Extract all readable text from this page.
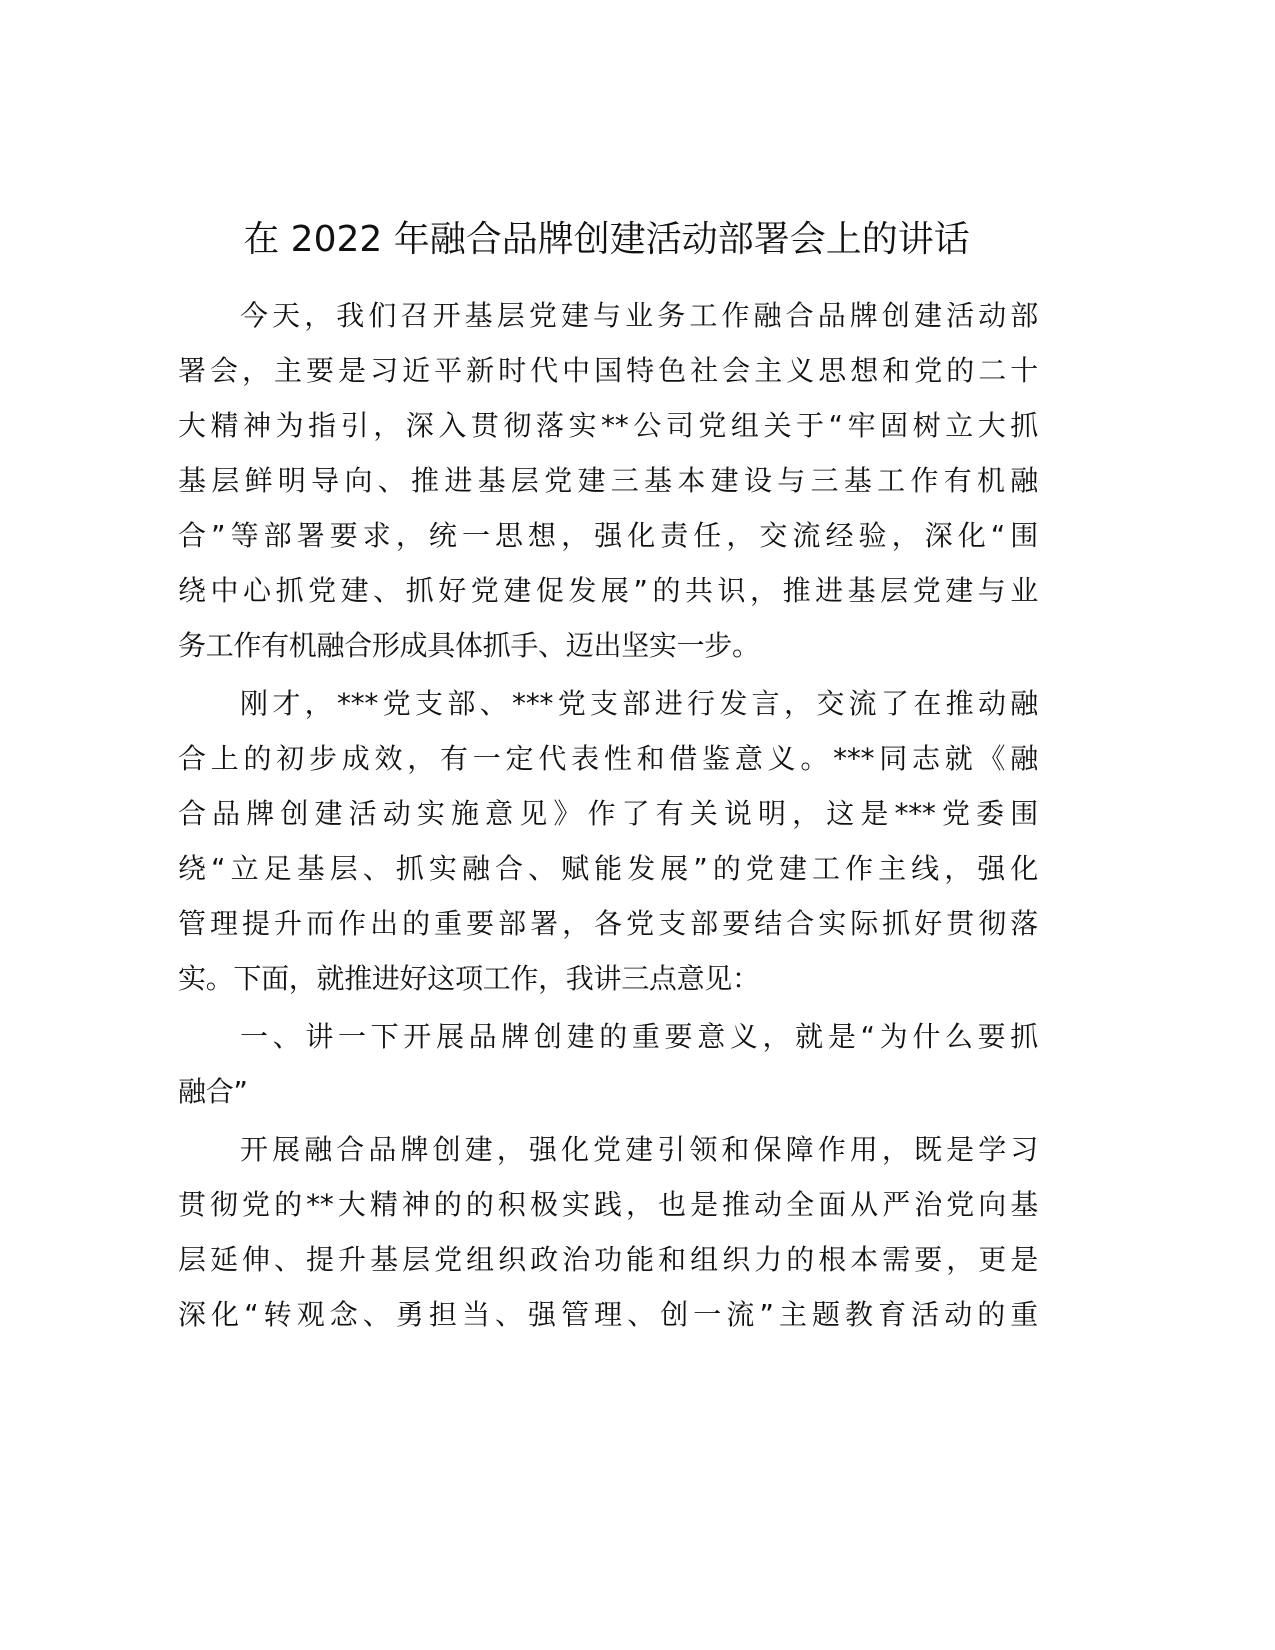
在 2022 年融合品牌创建活动部署会上的讲话
今天，我们召开基层党建与业务工作融合品牌创建活动部
署会，主要是习近平新时代中国特色社会主义思想和党的二十
大精神为指引，深入贯彻落实**公司党组关于“牢固树立大抓
基层鲜明导向、推进基层党建三基本建设与三基工作有机融
合”等部署要求，统一思想，强化责任，交流经验，深化“围
绕中心抓党建、抓好党建促发展”的共识，推进基层党建与业
务工作有机融合形成具体抓手、迈出坚实一步。
刚才，***党支部、***党支部进行发言，交流了在推动融
合上的初步成效，有一定代表性和借鉴意义。***同志就《融
合品牌创建活动实施意见》作了有关说明，这是***党委围
绕“立足基层、抓实融合、赋能发展”的党建工作主线，强化
管理提升而作出的重要部署，各党支部要结合实际抓好贯彻落
实。下面，就推进好这项工作，我讲三点意见：
一、讲一下开展品牌创建的重要意义，就是“为什么要抓
融合”
开展融合品牌创建，强化党建引领和保障作用，既是学习
贯彻党的**大精神的的积极实践，也是推动全面从严治党向基
层延伸、提升基层党组织政治功能和组织力的根本需要，更是
深化“转观念、勇担当、强管理、创一流”主题教育活动的重
